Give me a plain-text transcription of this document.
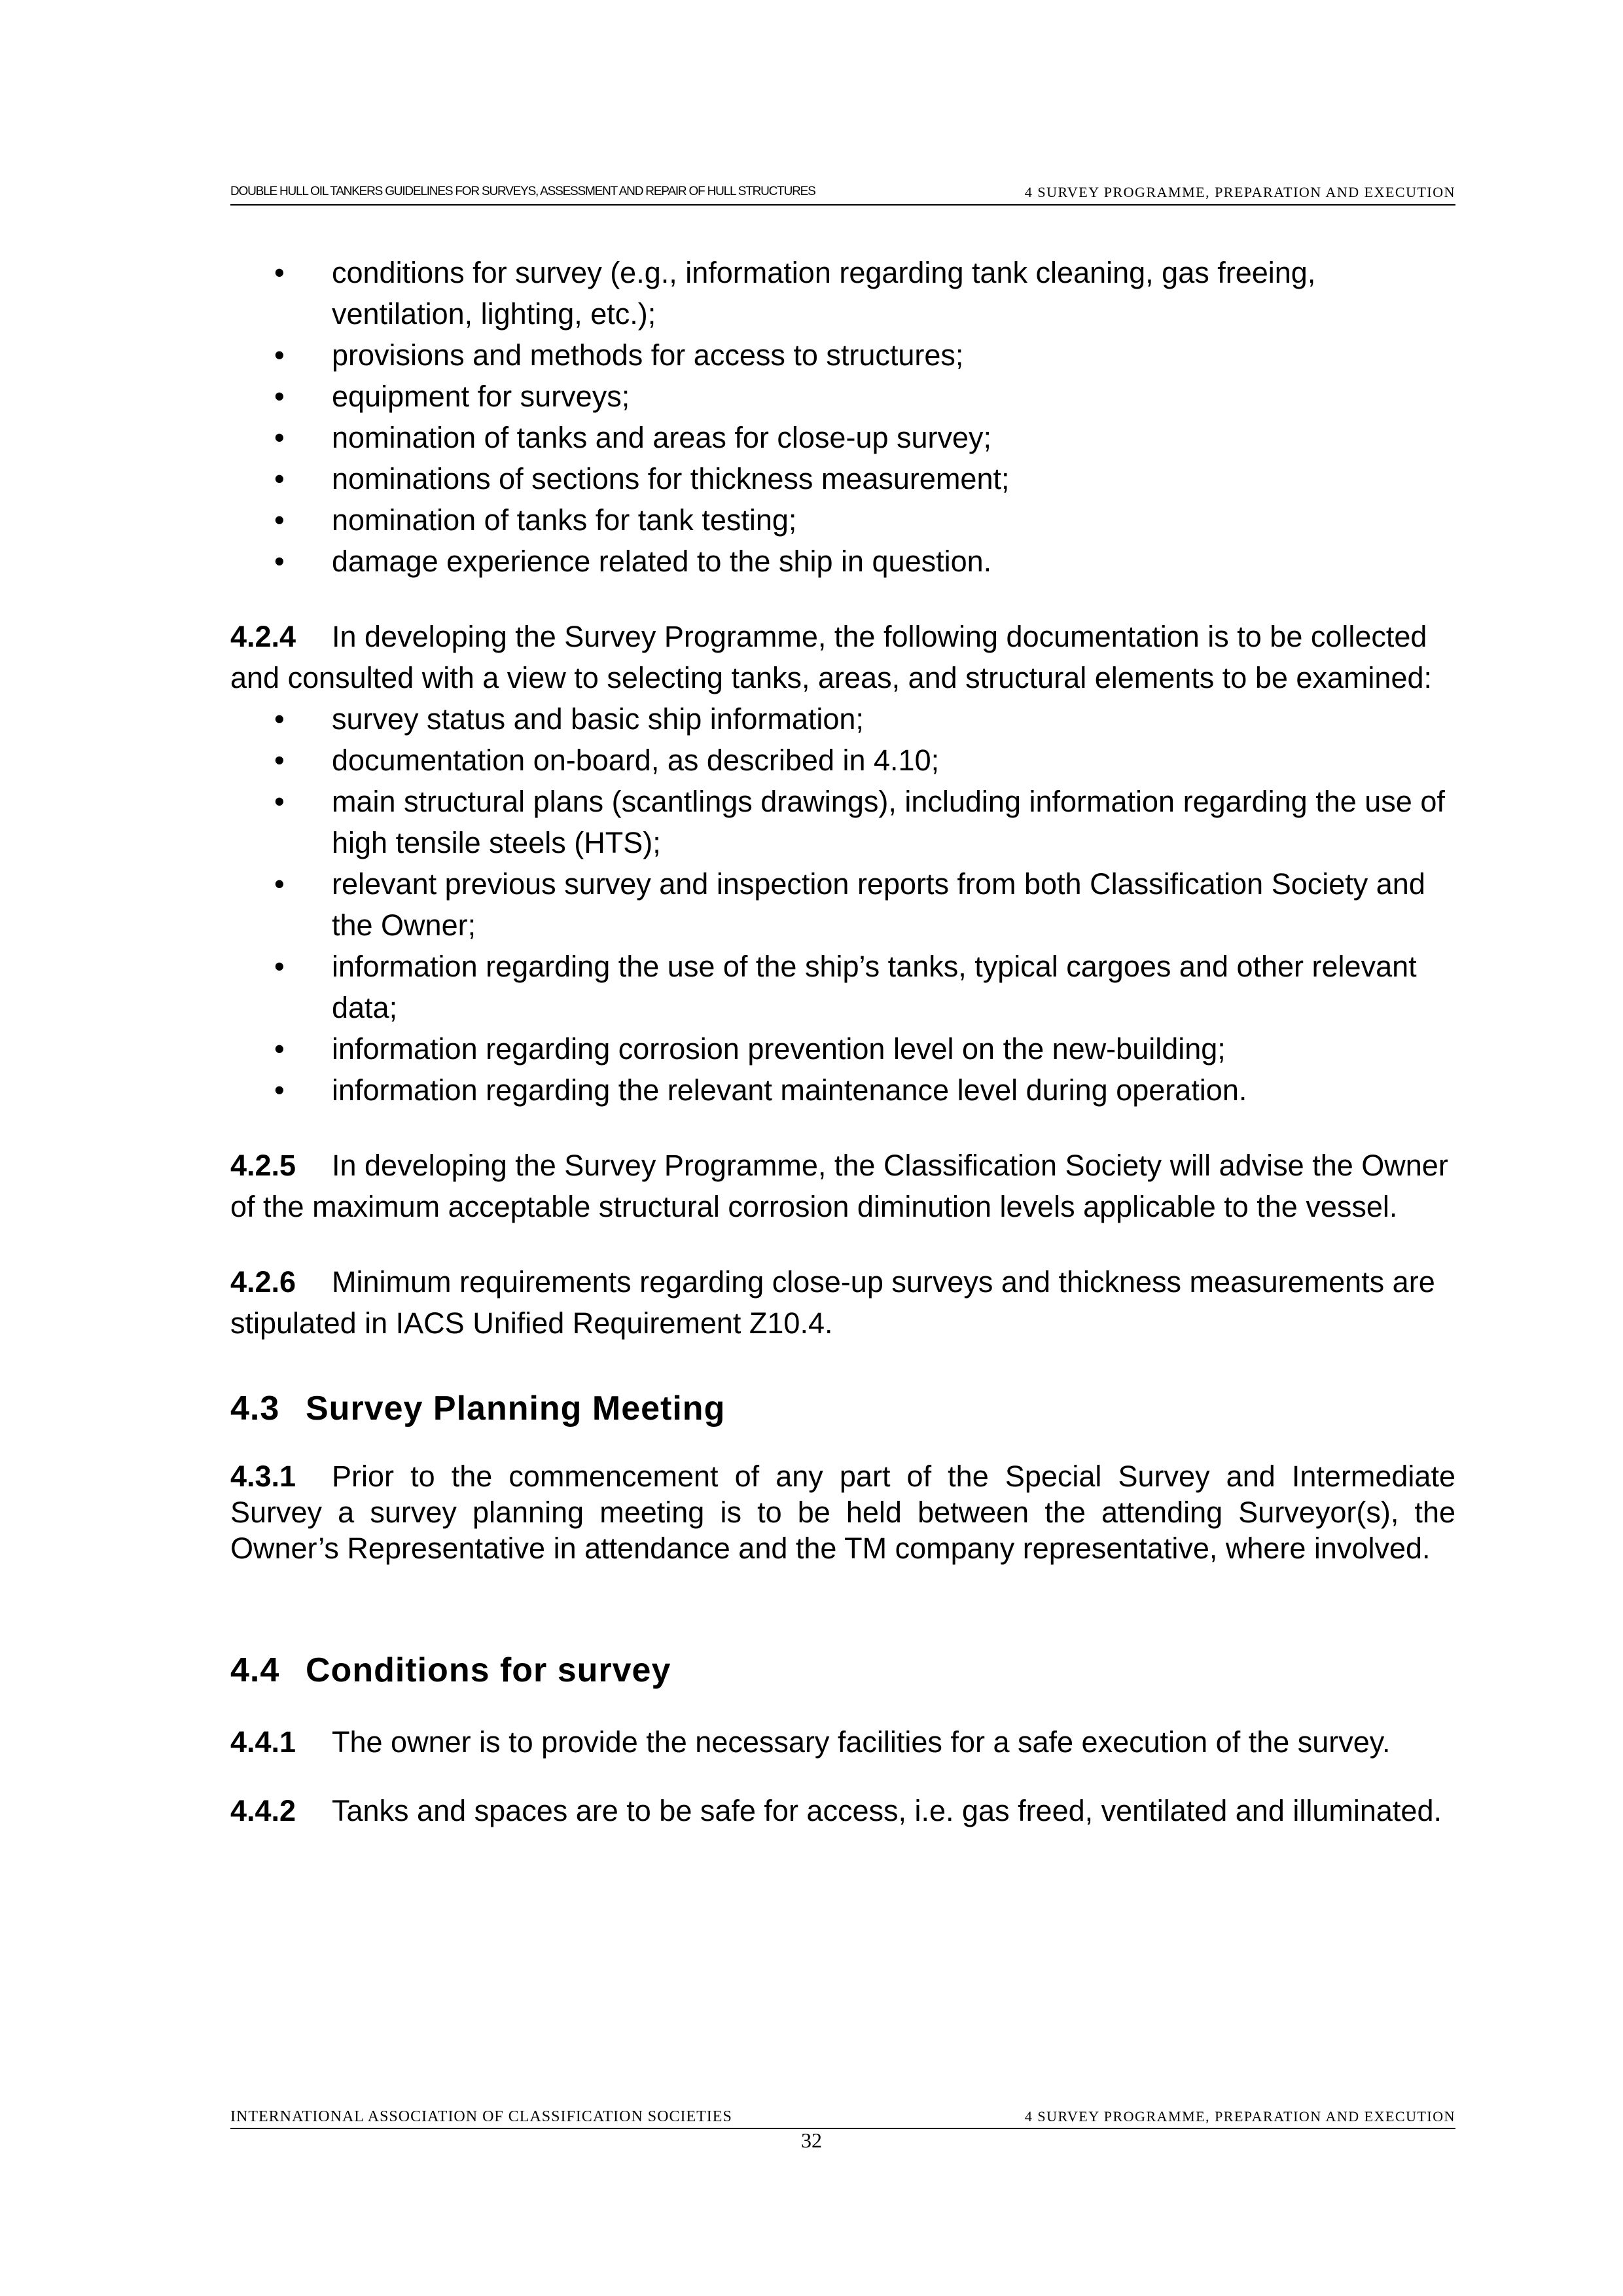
DOUBLE HULL OIL TANKERS GUIDELINES FOR SURVEYS, ASSESSMENT AND REPAIR OF HULL STRUCTURES	4 SURVEY PROGRAMME, PREPARATION AND EXECUTION
• conditions for survey (e.g., information regarding tank cleaning, gas freeing, ventilation, lighting, etc.);
• provisions and methods for access to structures;
• equipment for surveys;
• nomination of tanks and areas for close-up survey;
• nominations of sections for thickness measurement;
• nomination of tanks for tank testing;
• damage experience related to the ship in question.

4.2.4 In developing the Survey Programme, the following documentation is to be collected and consulted with a view to selecting tanks, areas, and structural elements to be examined:

• survey status and basic ship information;
• documentation on-board, as described in 4.10;
• main structural plans (scantlings drawings), including information regarding the use of high tensile steels (HTS);
• relevant previous survey and inspection reports from both Classification Society and the Owner;
• information regarding the use of the ship’s tanks, typical cargoes and other relevant data;
• information regarding corrosion prevention level on the new-building;
• information regarding the relevant maintenance level during operation.

4.2.5 In developing the Survey Programme, the Classification Society will advise the Owner of the maximum acceptable structural corrosion diminution levels applicable to the vessel.

4.2.6 Minimum requirements regarding close-up surveys and thickness measurements are stipulated in IACS Unified Requirement Z10.4.

4.3 Survey Planning Meeting

4.3.1 Prior to the commencement of any part of the Special Survey and Intermediate Survey a survey planning meeting is to be held between the attending Surveyor(s), the Owner’s Representative in attendance and the TM company representative, where involved.

4.4 Conditions for survey

4.4.1 The owner is to provide the necessary facilities for a safe execution of the survey.

4.4.2 Tanks and spaces are to be safe for access, i.e. gas freed, ventilated and illuminated.

INTERNATIONAL ASSOCIATION OF CLASSIFICATION SOCIETIES	4 SURVEY PROGRAMME, PREPARATION AND EXECUTION
32
